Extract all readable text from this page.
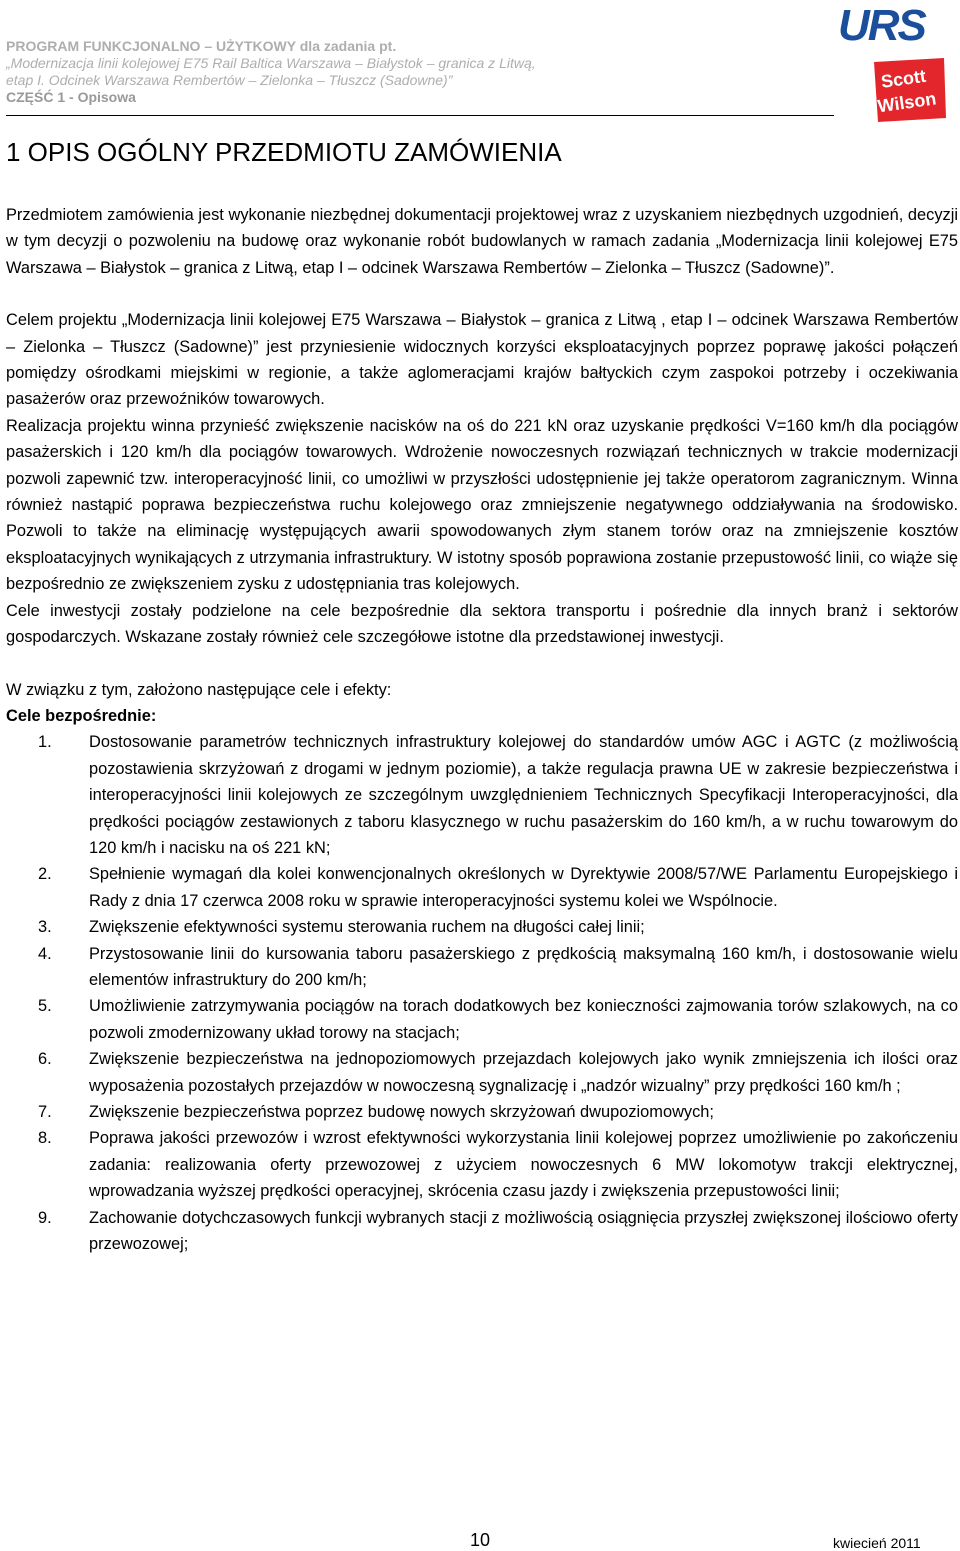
PROGRAM FUNKCJONALNO – UŻYTKOWY dla zadania pt.
„Modernizacja linii kolejowej E75 Rail Baltica Warszawa – Białystok – granica z Litwą,
etap I. Odcinek Warszawa Rembertów – Zielonka – Tłuszcz (Sadowne)”
CZĘŚĆ 1 - Opisowa
URS
Scott
Wilson
1 OPIS OGÓLNY PRZEDMIOTU ZAMÓWIENIA

Przedmiotem zamówienia jest wykonanie niezbędnej dokumentacji projektowej wraz z uzyskaniem niezbędnych uzgodnień, decyzji w tym decyzji o pozwoleniu na budowę oraz wykonanie robót budowlanych w ramach zadania „Modernizacja linii kolejowej E75 Warszawa – Białystok – granica z Litwą, etap I – odcinek Warszawa Rembertów – Zielonka – Tłuszcz (Sadowne)”.

Celem projektu „Modernizacja linii kolejowej E75 Warszawa – Białystok – granica z Litwą , etap I – odcinek Warszawa Rembertów – Zielonka – Tłuszcz (Sadowne)” jest przyniesienie widocznych korzyści eksploatacyjnych poprzez poprawę jakości połączeń pomiędzy ośrodkami miejskimi w regionie, a także aglomeracjami krajów bałtyckich czym zaspokoi potrzeby i oczekiwania pasażerów oraz przewoźników towarowych.

Realizacja projektu winna przynieść zwiększenie nacisków na oś do 221 kN oraz uzyskanie prędkości V=160 km/h dla pociągów pasażerskich i 120 km/h dla pociągów towarowych. Wdrożenie nowoczesnych rozwiązań technicznych w trakcie modernizacji pozwoli zapewnić tzw. interoperacyjność linii, co umożliwi w przyszłości udostępnienie jej także operatorom zagranicznym. Winna również nastąpić poprawa bezpieczeństwa ruchu kolejowego oraz zmniejszenie negatywnego oddziaływania na środowisko. Pozwoli to także na eliminację występujących awarii spowodowanych złym stanem torów oraz na zmniejszenie kosztów eksploatacyjnych wynikających z utrzymania infrastruktury. W istotny sposób poprawiona zostanie przepustowość linii, co wiąże się bezpośrednio ze zwiększeniem zysku z udostępniania tras kolejowych.

Cele inwestycji zostały podzielone na cele bezpośrednie dla sektora transportu i pośrednie dla innych branż i sektorów gospodarczych. Wskazane zostały również cele szczegółowe istotne dla przedstawionej inwestycji.

W związku z tym, założono następujące cele i efekty:

Cele bezpośrednie:

1.	Dostosowanie parametrów technicznych infrastruktury kolejowej do standardów umów AGC i AGTC (z możliwością pozostawienia skrzyżowań z drogami w jednym poziomie), a także regulacja prawna UE w zakresie bezpieczeństwa i interoperacyjności linii kolejowych ze szczególnym uwzględnieniem Technicznych Specyfikacji Interoperacyjności, dla prędkości pociągów zestawionych z taboru klasycznego w ruchu pasażerskim do 160 km/h, a w ruchu towarowym do 120 km/h i nacisku na oś 221 kN;
2.	Spełnienie wymagań dla kolei konwencjonalnych określonych w Dyrektywie 2008/57/WE Parlamentu Europejskiego i Rady z dnia 17 czerwca 2008 roku w sprawie interoperacyjności systemu kolei we Wspólnocie.
3.	Zwiększenie efektywności systemu sterowania ruchem na długości całej linii;
4.	Przystosowanie linii do kursowania taboru pasażerskiego z prędkością maksymalną 160 km/h, i dostosowanie wielu elementów infrastruktury do 200 km/h;
5.	Umożliwienie zatrzymywania pociągów na torach dodatkowych bez konieczności zajmowania torów szlakowych, na co pozwoli zmodernizowany układ torowy na stacjach;
6.	Zwiększenie bezpieczeństwa na jednopoziomowych przejazdach kolejowych jako wynik zmniejszenia ich ilości oraz wyposażenia pozostałych przejazdów w nowoczesną sygnalizację i „nadzór wizualny” przy prędkości 160 km/h ;
7.	Zwiększenie bezpieczeństwa poprzez budowę nowych skrzyżowań dwupoziomowych;
8.	Poprawa jakości przewozów i wzrost efektywności wykorzystania linii kolejowej poprzez umożliwienie po zakończeniu zadania: realizowania oferty przewozowej z użyciem nowoczesnych 6 MW lokomotyw trakcji elektrycznej, wprowadzania wyższej prędkości operacyjnej, skrócenia czasu jazdy i zwiększenia przepustowości linii;
9.	Zachowanie dotychczasowych funkcji wybranych stacji z możliwością osiągnięcia przyszłej zwiększonej ilościowo oferty przewozowej;
10	kwiecień 2011
